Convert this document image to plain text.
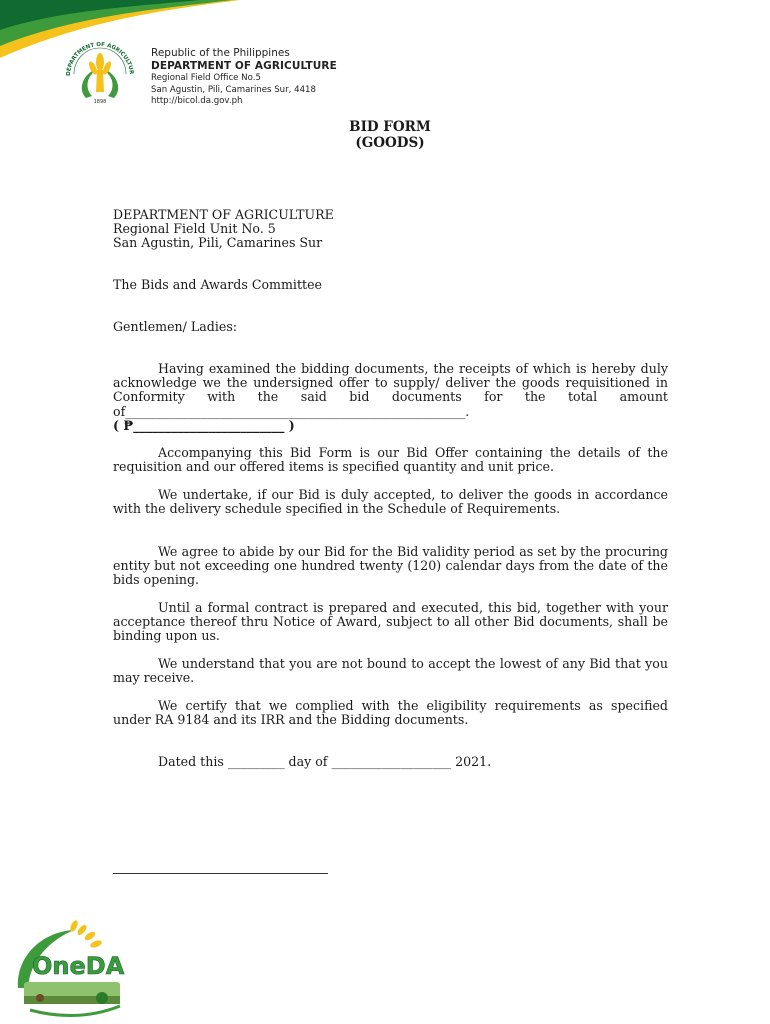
1898
DEPARTMENT OF AGRICULTUR
Republic of the Philippines
DEPARTMENT OF AGRICULTURE
Regional Field Office No.5
San Agustin, Pili, Camarines Sur, 4418
http://bicol.da.gov.ph
BID FORM
(GOODS)
DEPARTMENT OF AGRICULTURE
Regional Field Unit No. 5
San Agustin, Pili, Camarines Sur
The Bids and Awards Committee
Gentlemen/ Ladies:
Having examined the bidding documents, the receipts of which is hereby duly acknowledge we the undersigned offer to supply/ deliver the goods requisitioned in Conformity with the said bid documents for the total amount of______________________________________________________.
( ₱________________________ )
Accompanying this Bid Form is our Bid Offer containing the details of the requisition and our offered items is specified quantity and unit price.
We undertake, if our Bid is duly accepted, to deliver the goods in accordance with the delivery schedule specified in the Schedule of Requirements.
We agree to abide by our Bid for the Bid validity period as set by the procuring entity but not exceeding one hundred twenty (120) calendar days from the date of the bids opening.
Until a formal contract is prepared and executed, this bid, together with your acceptance thereof thru Notice of Award, subject to all other Bid documents, shall be binding upon us.
We understand that you are not bound to accept the lowest of any Bid that you may receive.
We certify that we complied with the eligibility requirements as specified under RA 9184 and its IRR and the Bidding documents.
Dated this _________ day of ___________________ 2021.
OneDA
